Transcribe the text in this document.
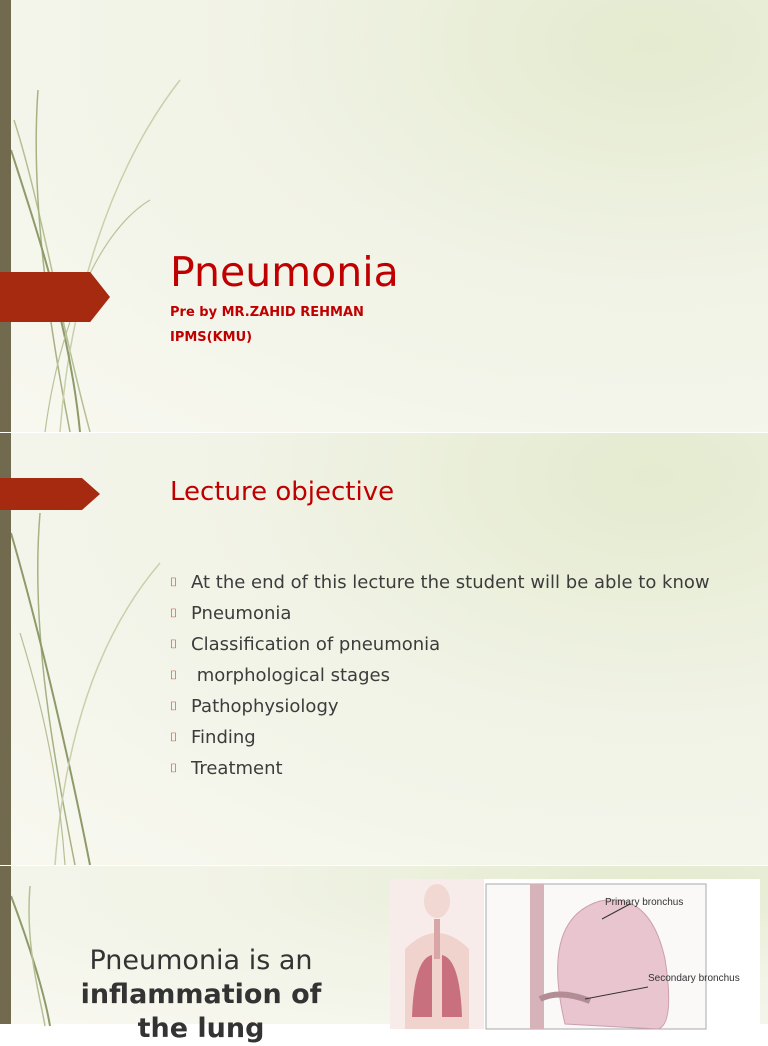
Pneumonia
Pre by MR.ZAHID REHMAN
IPMS(KMU)
Lecture objective
⌷ At the end of this lecture the student will be able to know
⌷ Pneumonia
⌷ Classification of pneumonia
⌷ morphological stages
⌷ Pathophysiology
⌷ Finding
⌷ Treatment
Pneumonia is an
inflammation of the lung
Primary bronchus
Secondary bronchus
